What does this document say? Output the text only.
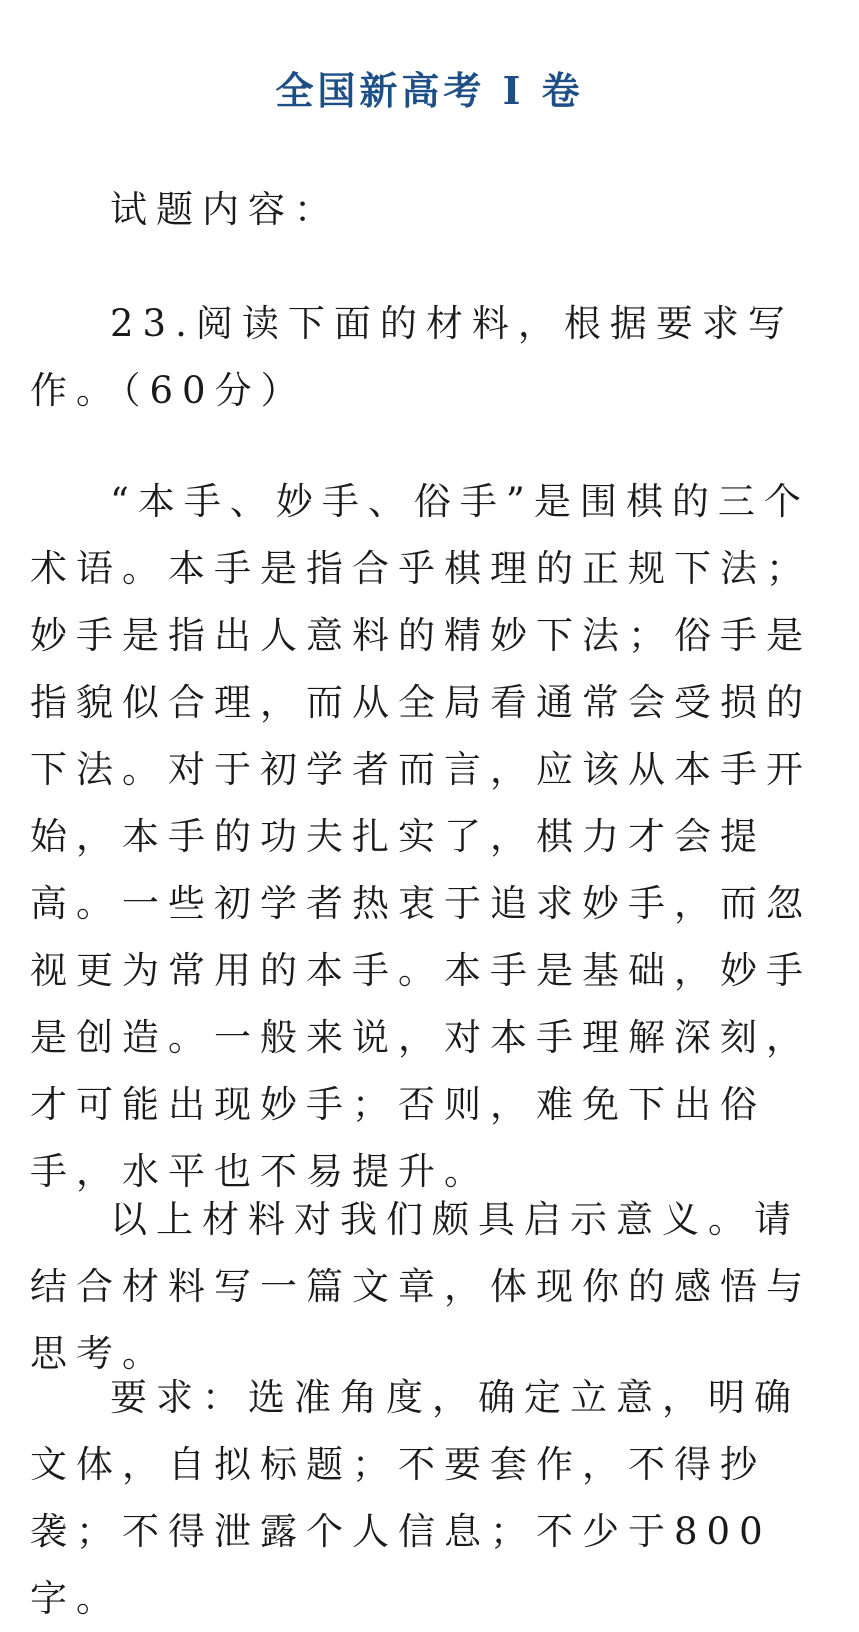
全国新高考 I 卷

试题内容：

23.阅读下面的材料，根据要求写作。（60分）

“本手、妙手、俗手”是围棋的三个术语。本手是指合乎棋理的正规下法；妙手是指出人意料的精妙下法；俗手是指貌似合理，而从全局看通常会受损的下法。对于初学者而言，应该从本手开始，本手的功夫扎实了，棋力才会提高。一些初学者热衷于追求妙手，而忽视更为常用的本手。本手是基础，妙手是创造。一般来说，对本手理解深刻，才可能出现妙手；否则，难免下出俗手，水平也不易提升。

以上材料对我们颇具启示意义。请结合材料写一篇文章，体现你的感悟与思考。

要求：选准角度，确定立意，明确文体，自拟标题；不要套作，不得抄袭；不得泄露个人信息；不少于800字。
